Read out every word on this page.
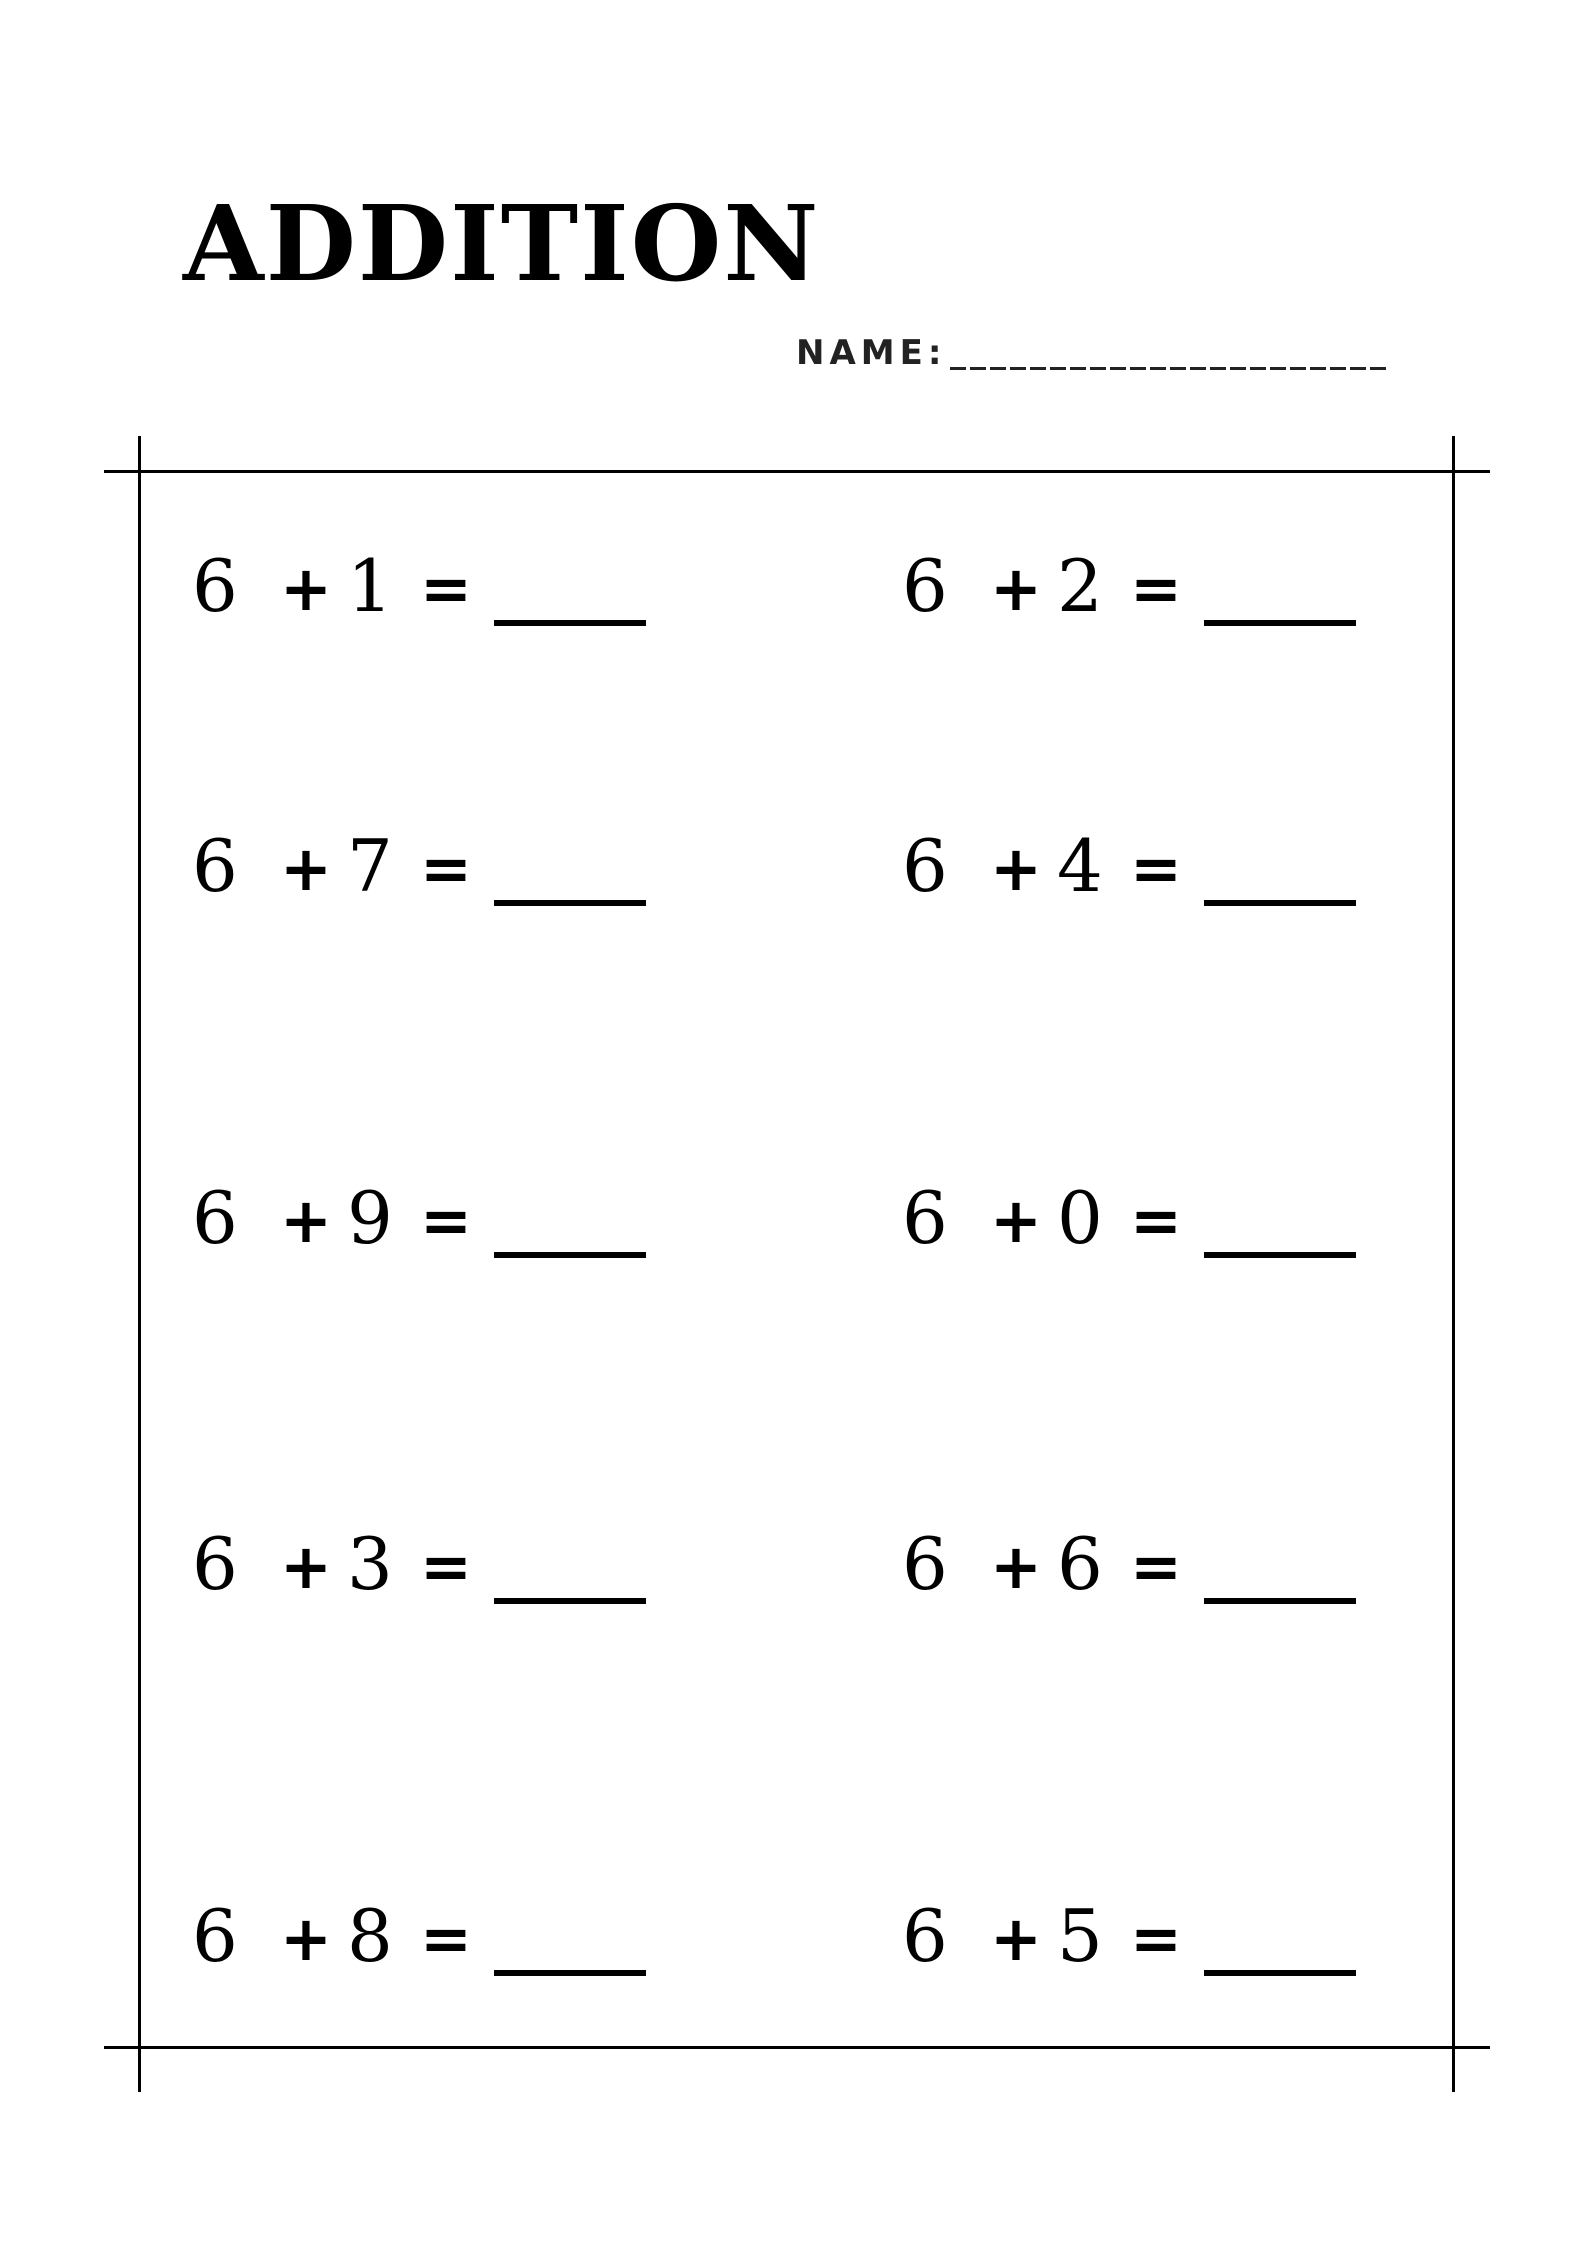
ADDITION
NAME:
6 + 1 =	6 + 2 =
6 + 7 =	6 + 4 =
6 + 9 =	6 + 0 =
6 + 3 =	6 + 6 =
6 + 8 =	6 + 5 =
